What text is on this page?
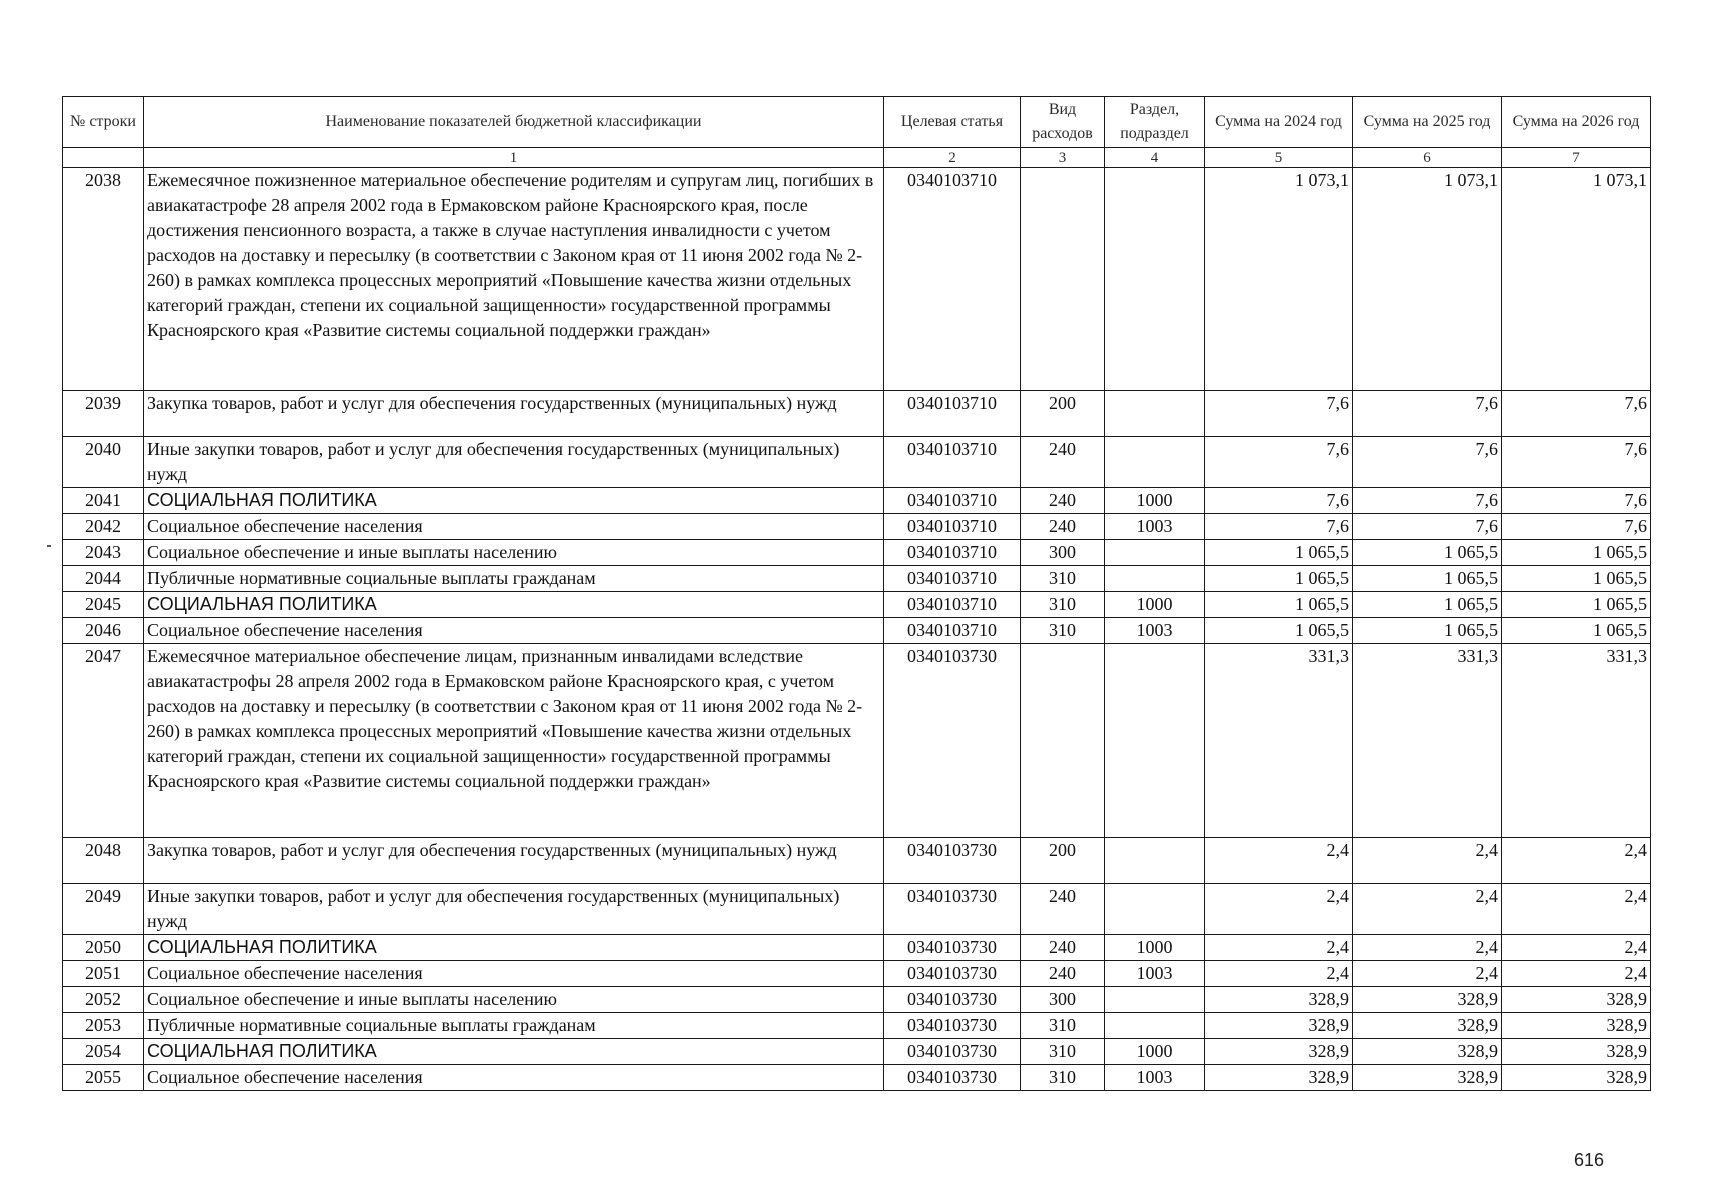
№ строки	Наименование показателей бюджетной классификации	Целевая статья	Вид расходов	Раздел, подраздел	Сумма на 2024 год	Сумма на 2025 год	Сумма на 2026 год
	1	2	3	4	5	6	7
2038	Ежемесячное пожизненное материальное обеспечение родителям и супругам лиц, погибших в авиакатастрофе 28 апреля 2002 года в Ермаковском районе Красноярского края, после достижения пенсионного возраста, а также в случае наступления инвалидности с учетом расходов на доставку и пересылку (в соответствии с Законом края от 11 июня 2002 года № 2-260) в рамках комплекса процессных мероприятий «Повышение качества жизни отдельных категорий граждан, степени их социальной защищенности» государственной программы Красноярского края «Развитие системы социальной поддержки граждан»	0340103710			1 073,1	1 073,1	1 073,1
2039	Закупка товаров, работ и услуг для обеспечения государственных (муниципальных) нужд	0340103710	200		7,6	7,6	7,6
2040	Иные закупки товаров, работ и услуг для обеспечения государственных (муниципальных) нужд	0340103710	240		7,6	7,6	7,6
2041	СОЦИАЛЬНАЯ ПОЛИТИКА	0340103710	240	1000	7,6	7,6	7,6
2042	Социальное обеспечение населения	0340103710	240	1003	7,6	7,6	7,6
2043	Социальное обеспечение и иные выплаты населению	0340103710	300		1 065,5	1 065,5	1 065,5
2044	Публичные нормативные социальные выплаты гражданам	0340103710	310		1 065,5	1 065,5	1 065,5
2045	СОЦИАЛЬНАЯ ПОЛИТИКА	0340103710	310	1000	1 065,5	1 065,5	1 065,5
2046	Социальное обеспечение населения	0340103710	310	1003	1 065,5	1 065,5	1 065,5
2047	Ежемесячное материальное обеспечение лицам, признанным инвалидами вследствие авиакатастрофы 28 апреля 2002 года в Ермаковском районе Красноярского края, с учетом расходов на доставку и пересылку (в соответствии с Законом края от 11 июня 2002 года № 2-260) в рамках комплекса процессных мероприятий «Повышение качества жизни отдельных категорий граждан, степени их социальной защищенности» государственной программы Красноярского края «Развитие системы социальной поддержки граждан»	0340103730			331,3	331,3	331,3
2048	Закупка товаров, работ и услуг для обеспечения государственных (муниципальных) нужд	0340103730	200		2,4	2,4	2,4
2049	Иные закупки товаров, работ и услуг для обеспечения государственных (муниципальных) нужд	0340103730	240		2,4	2,4	2,4
2050	СОЦИАЛЬНАЯ ПОЛИТИКА	0340103730	240	1000	2,4	2,4	2,4
2051	Социальное обеспечение населения	0340103730	240	1003	2,4	2,4	2,4
2052	Социальное обеспечение и иные выплаты населению	0340103730	300		328,9	328,9	328,9
2053	Публичные нормативные социальные выплаты гражданам	0340103730	310		328,9	328,9	328,9
2054	СОЦИАЛЬНАЯ ПОЛИТИКА	0340103730	310	1000	328,9	328,9	328,9
2055	Социальное обеспечение населения	0340103730	310	1003	328,9	328,9	328,9
616
